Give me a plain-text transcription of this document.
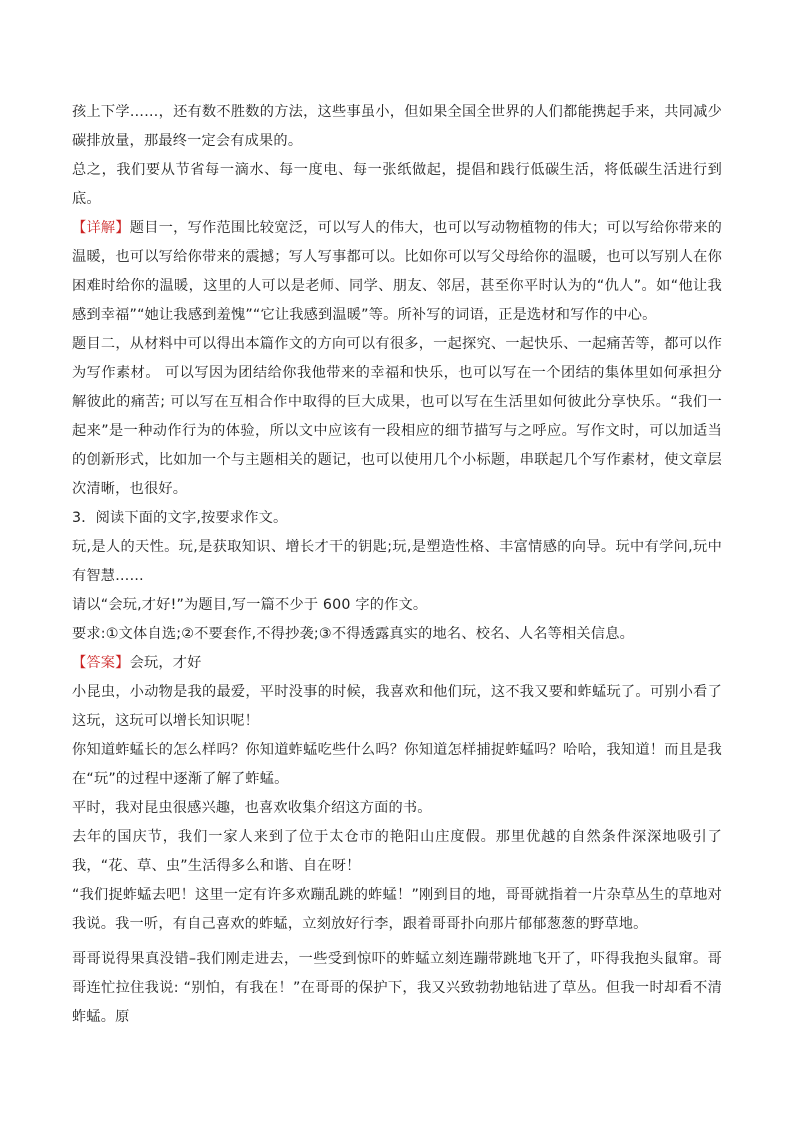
孩上下学……，还有数不胜数的方法，这些事虽小，但如果全国全世界的人们都能携起手来，共同减少碳排放量，那最终一定会有成果的。

总之，我们要从节省每一滴水、每一度电、每一张纸做起，提倡和践行低碳生活，将低碳生活进行到底。

【详解】题目一，写作范围比较宽泛，可以写人的伟大，也可以写动物植物的伟大；可以写给你带来的温暖，也可以写给你带来的震撼；写人写事都可以。比如你可以写父母给你的温暖，也可以写别人在你困难时给你的温暖，这里的人可以是老师、同学、朋友、邻居，甚至你平时认为的“仇人”。如“他让我感到幸福”“她让我感到羞愧”“它让我感到温暖”等。所补写的词语，正是选材和写作的中心。

题目二，从材料中可以得出本篇作文的方向可以有很多，一起探究、一起快乐、一起痛苦等，都可以作为写作素材。 可以写因为团结给你我他带来的幸福和快乐，也可以写在一个团结的集体里如何承担分解彼此的痛苦; 可以写在互相合作中取得的巨大成果，也可以写在生活里如何彼此分享快乐。“我们一起来”是一种动作行为的体验，所以文中应该有一段相应的细节描写与之呼应。写作文时，可以加适当的创新形式，比如加一个与主题相关的题记，也可以使用几个小标题，串联起几个写作素材，使文章层次清晰，也很好。

3．阅读下面的文字,按要求作文。

玩,是人的天性。玩,是获取知识、增长才干的钥匙;玩,是塑造性格、丰富情感的向导。玩中有学问,玩中有智慧……

请以“会玩,才好!”为题目,写一篇不少于 600 字的作文。

要求:①文体自选;②不要套作,不得抄袭;③不得透露真实的地名、校名、人名等相关信息。

【答案】会玩，才好

小昆虫，小动物是我的最爱，平时没事的时候，我喜欢和他们玩，这不我又要和蚱蜢玩了。可别小看了这玩，这玩可以增长知识呢！

你知道蚱蜢长的怎么样吗？你知道蚱蜢吃些什么吗？你知道怎样捕捉蚱蜢吗？哈哈，我知道！而且是我在“玩”的过程中逐渐了解了蚱蜢。

平时，我对昆虫很感兴趣，也喜欢收集介绍这方面的书。

去年的国庆节，我们一家人来到了位于太仓市的艳阳山庄度假。那里优越的自然条件深深地吸引了我，“花、草、虫”生活得多么和谐、自在呀！

“我们捉蚱蜢去吧！这里一定有许多欢蹦乱跳的蚱蜢！”刚到目的地，哥哥就指着一片杂草丛生的草地对我说。我一听，有自己喜欢的蚱蜢，立刻放好行李，跟着哥哥扑向那片郁郁葱葱的野草地。

哥哥说得果真没错–我们刚走进去，一些受到惊吓的蚱蜢立刻连蹦带跳地飞开了，吓得我抱头鼠窜。哥哥连忙拉住我说: “别怕，有我在！”在哥哥的保护下，我又兴致勃勃地钻进了草丛。但我一时却看不清蚱蜢。原
